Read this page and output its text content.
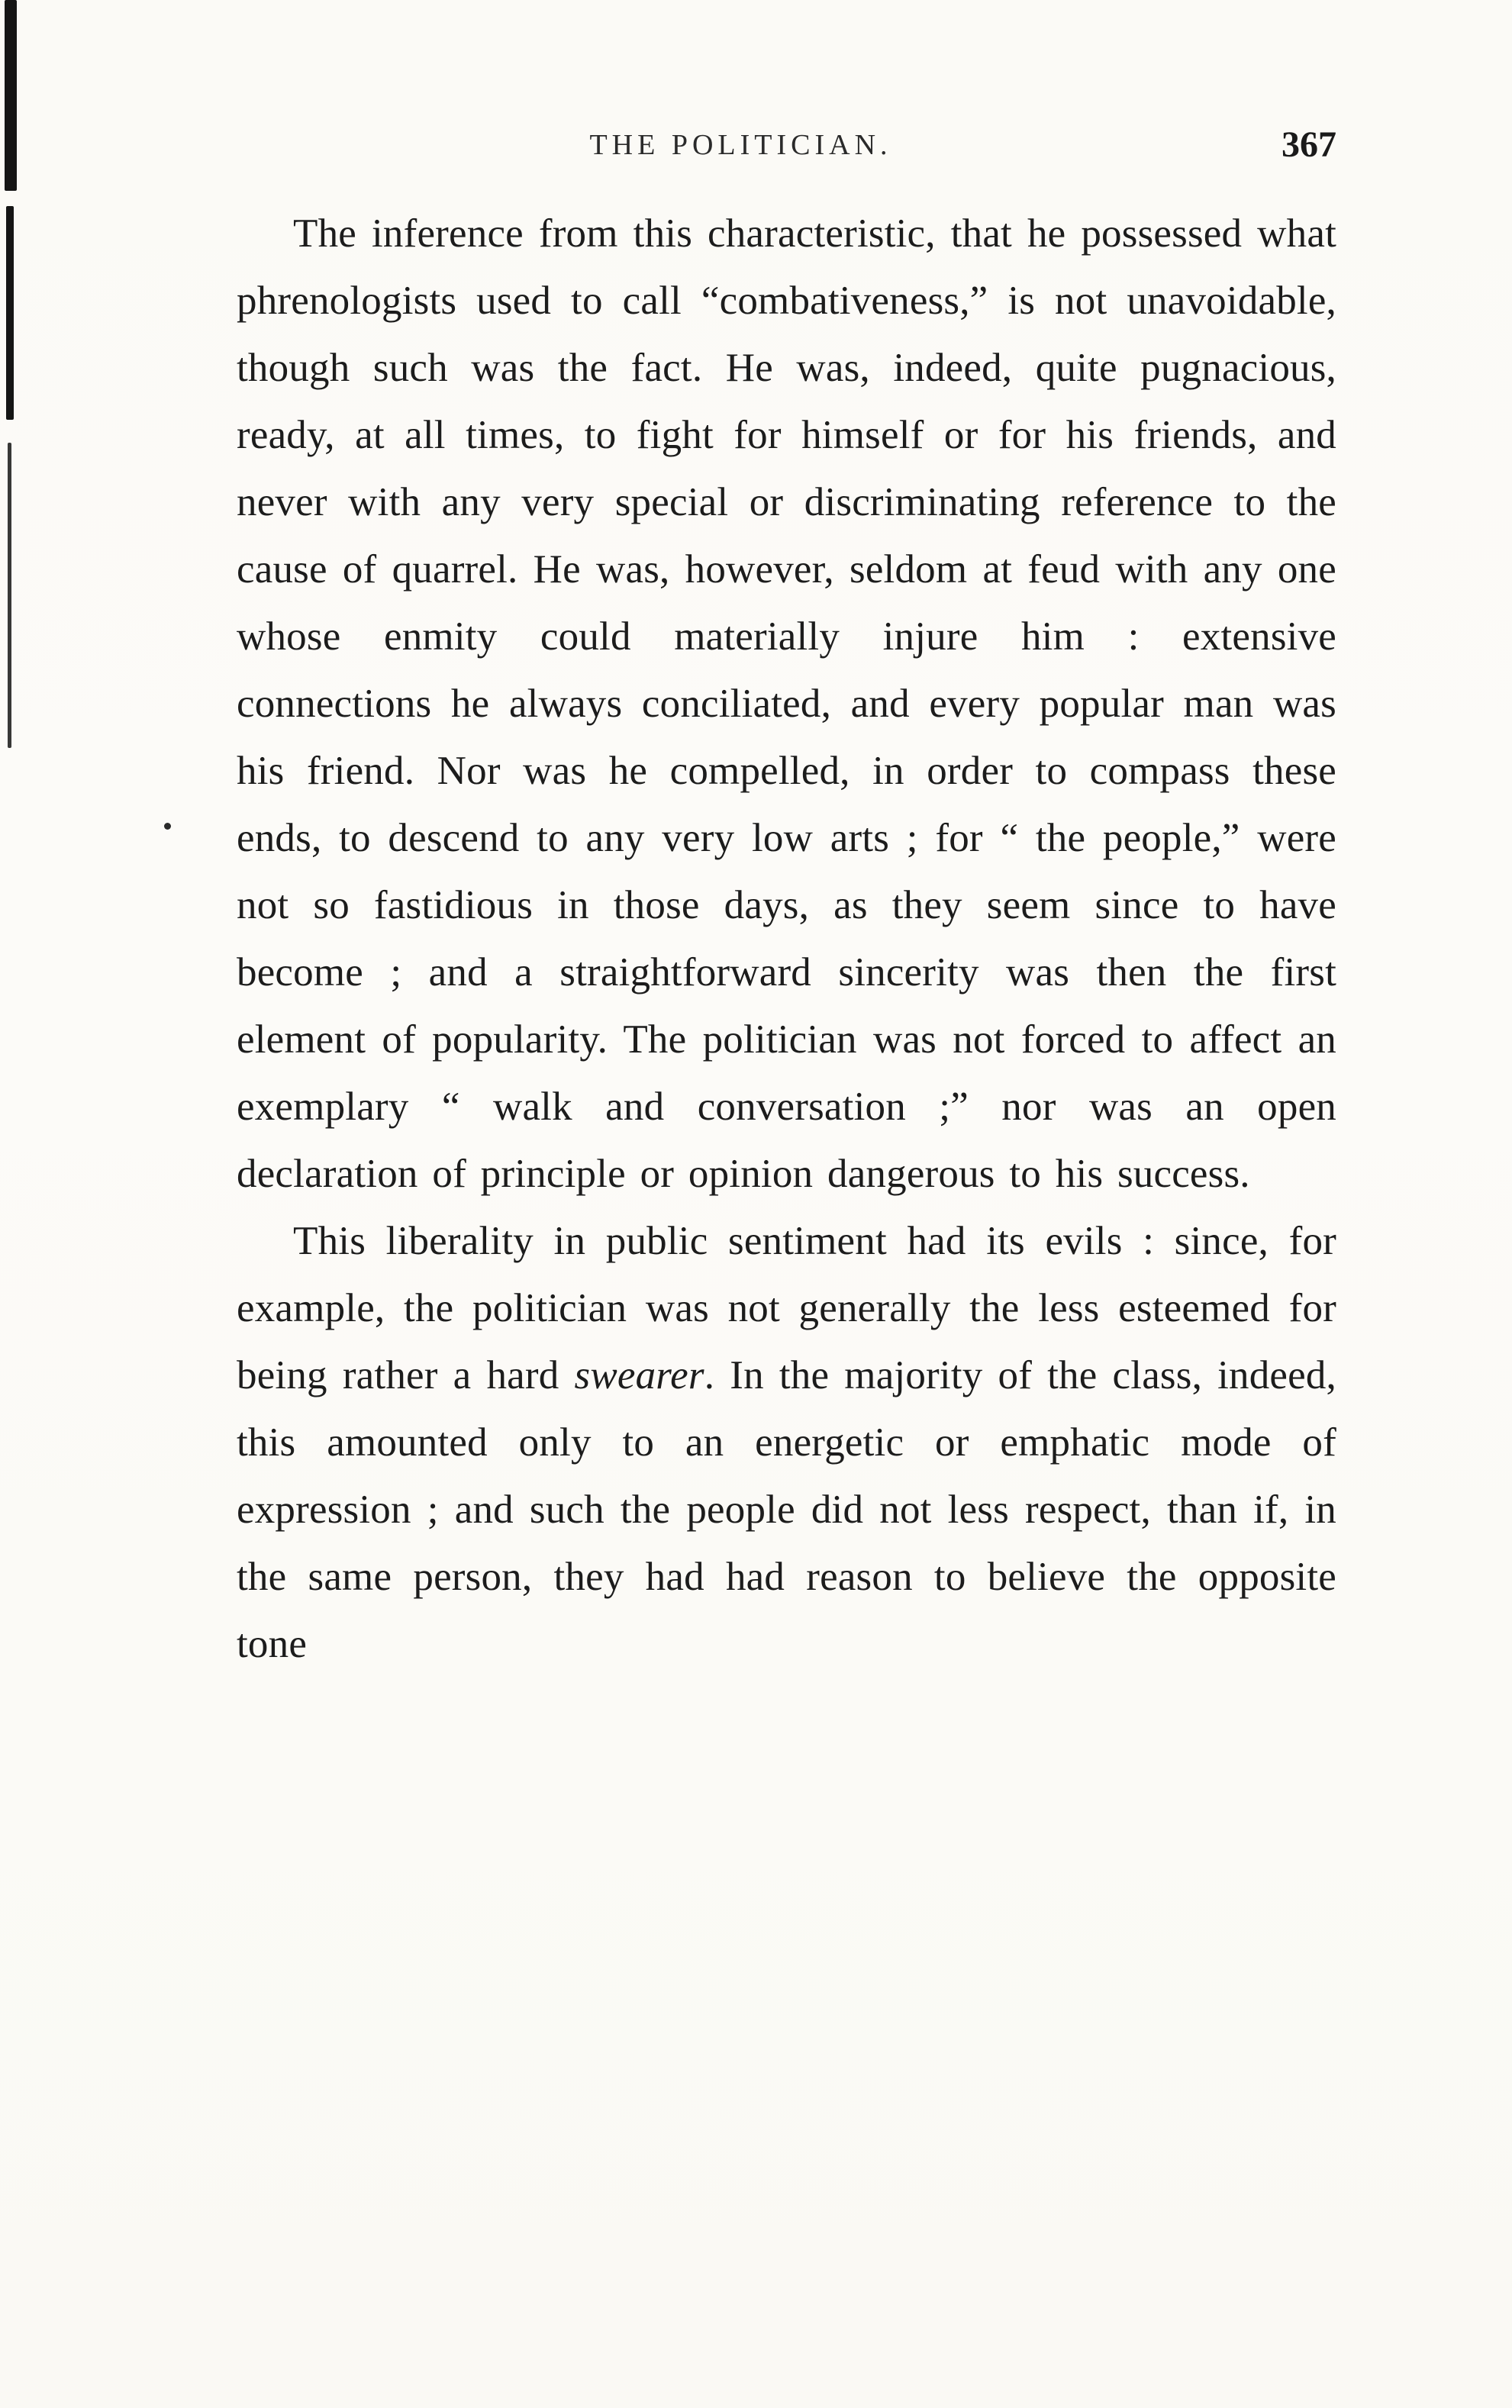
THE POLITICIAN.	367

The inference from this characteristic, that he possessed what phrenologists used to call “combativeness,” is not unavoidable, though such was the fact. He was, indeed, quite pugnacious, ready, at all times, to fight for himself or for his friends, and never with any very special or discriminating reference to the cause of quarrel. He was, however, seldom at feud with any one whose enmity could materially injure him : extensive connections he always conciliated, and every popular man was his friend. Nor was he compelled, in order to compass these ends, to descend to any very low arts ; for “ the people,” were not so fastidious in those days, as they seem since to have become ; and a straightforward sincerity was then the first element of popularity. The politician was not forced to affect an exemplary “ walk and conversation ;” nor was an open declaration of principle or opinion dangerous to his success.

This liberality in public sentiment had its evils : since, for example, the politician was not generally the less esteemed for being rather a hard swearer. In the majority of the class, indeed, this amounted only to an energetic or emphatic mode of expression ; and such the people did not less respect, than if, in the same person, they had had reason to believe the opposite tone
